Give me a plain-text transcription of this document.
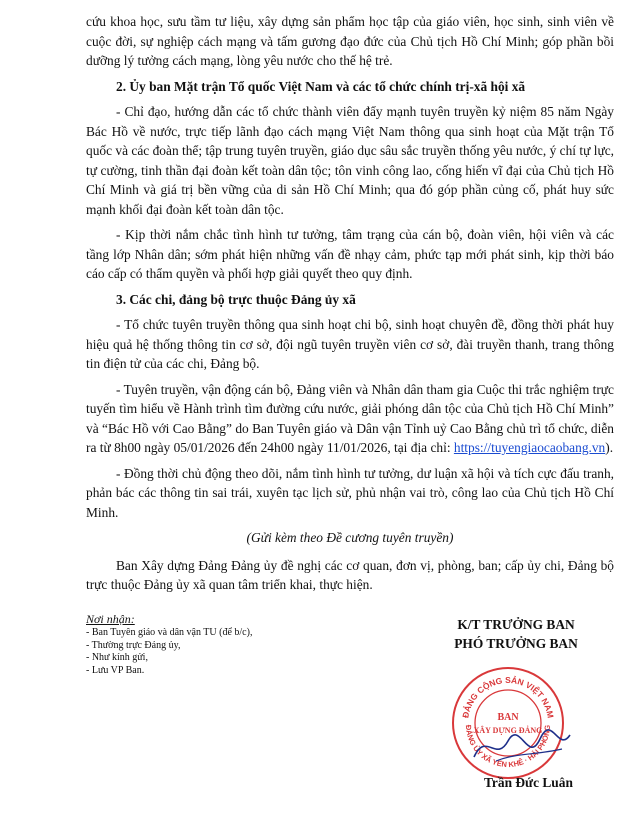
cứu khoa học, sưu tầm tư liệu, xây dựng sản phẩm học tập của giáo viên, học sinh, sinh viên về cuộc đời, sự nghiệp cách mạng và tấm gương đạo đức của Chủ tịch Hồ Chí Minh; góp phần bồi dưỡng lý tưởng cách mạng, lòng yêu nước cho thế hệ trẻ.

2. Ủy ban Mặt trận Tổ quốc Việt Nam và các tổ chức chính trị-xã hội xã

- Chỉ đạo, hướng dẫn các tổ chức thành viên đẩy mạnh tuyên truyền kỷ niệm 85 năm Ngày Bác Hồ về nước, trực tiếp lãnh đạo cách mạng Việt Nam thông qua sinh hoạt của Mặt trận Tổ quốc và các đoàn thể; tập trung tuyên truyền, giáo dục sâu sắc truyền thống yêu nước, ý chí tự lực, tự cường, tinh thần đại đoàn kết toàn dân tộc; tôn vinh công lao, cống hiến vĩ đại của Chủ tịch Hồ Chí Minh và giá trị bền vững của di sản Hồ Chí Minh; qua đó góp phần củng cố, phát huy sức mạnh khối đại đoàn kết toàn dân tộc.

- Kịp thời nắm chắc tình hình tư tưởng, tâm trạng của cán bộ, đoàn viên, hội viên và các tầng lớp Nhân dân; sớm phát hiện những vấn đề nhạy cảm, phức tạp mới phát sinh, kịp thời báo cáo cấp có thẩm quyền và phối hợp giải quyết theo quy định.

3. Các chi, đảng bộ trực thuộc Đảng ủy xã

- Tổ chức tuyên truyền thông qua sinh hoạt chi bộ, sinh hoạt chuyên đề, đồng thời phát huy hiệu quả hệ thống thông tin cơ sở, đội ngũ tuyên truyền viên cơ sở, đài truyền thanh, trang thông tin điện tử của các chi, Đảng bộ.

- Tuyên truyền, vận động cán bộ, Đảng viên và Nhân dân tham gia Cuộc thi trắc nghiệm trực tuyến tìm hiểu về Hành trình tìm đường cứu nước, giải phóng dân tộc của Chủ tịch Hồ Chí Minh” và “Bác Hồ với Cao Bằng” do Ban Tuyên giáo và Dân vận Tỉnh uỷ Cao Bằng chủ trì tổ chức, diễn ra từ 8h00 ngày 05/01/2026 đến 24h00 ngày 11/01/2026, tại địa chỉ: https://tuyengiaocaobang.vn).

- Đồng thời chủ động theo dõi, nắm tình hình tư tưởng, dư luận xã hội và tích cực đấu tranh, phản bác các thông tin sai trái, xuyên tạc lịch sử, phủ nhận vai trò, công lao của Chủ tịch Hồ Chí Minh.

(Gửi kèm theo Đề cương tuyên truyền)

Ban Xây dựng Đảng Đảng ủy đề nghị các cơ quan, đơn vị, phòng, ban; cấp ủy chi, Đảng bộ trực thuộc Đảng ủy xã quan tâm triển khai, thực hiện.

Nơi nhận:
- Ban Tuyên giáo và dân vận TU (để b/c),
- Thường trực Đảng ủy,
- Như kính gửi,
- Lưu VP Ban.
K/T TRƯỞNG BAN
PHÓ TRƯỞNG BAN
ĐẢNG CỘNG SẢN VIỆT NAM
ĐẢNG ỦY XÃ YÊN KHÊ · HẢI PHÒNG
BAN
XÂY DỰNG ĐẢNG
Trần Đức Luân
